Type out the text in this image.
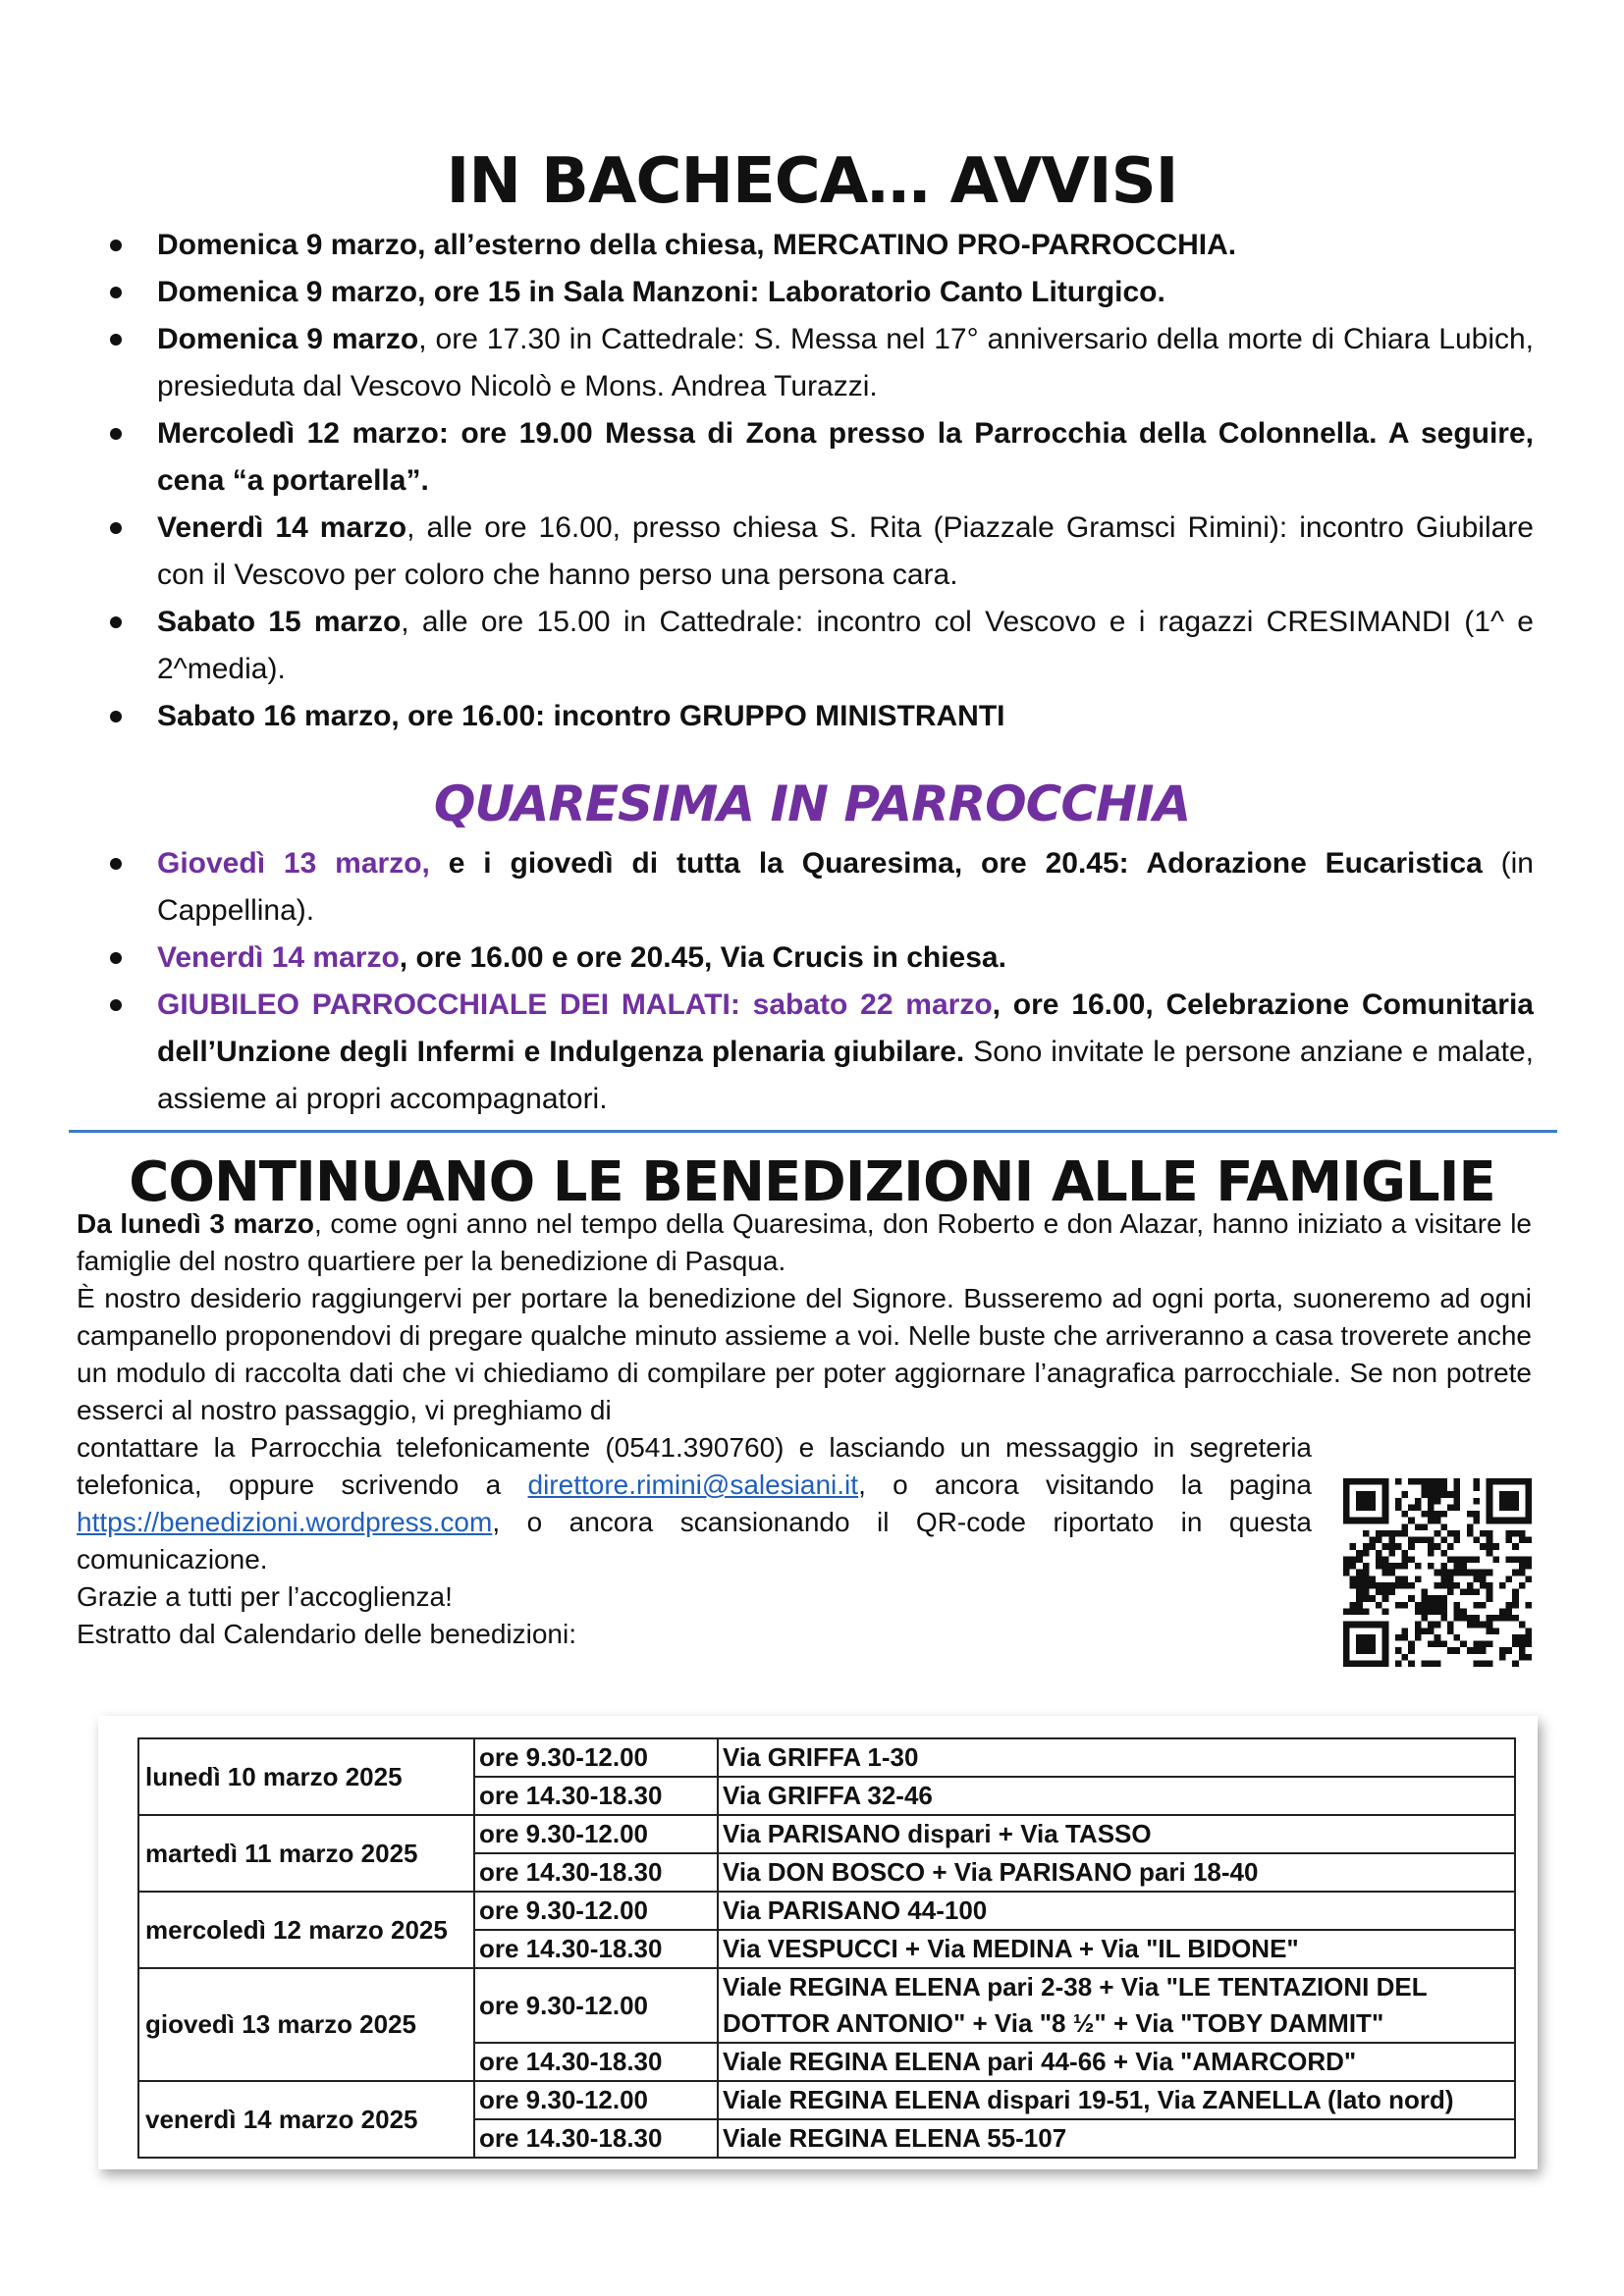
IN BACHECA… AVVISI
Domenica 9 marzo, all’esterno della chiesa, MERCATINO PRO-PARROCCHIA.
Domenica 9 marzo, ore 15 in Sala Manzoni: Laboratorio Canto Liturgico.
Domenica 9 marzo, ore 17.30 in Cattedrale: S. Messa nel 17° anniversario della morte di Chiara Lubich, presieduta dal Vescovo Nicolò e Mons. Andrea Turazzi.
Mercoledì 12 marzo: ore 19.00 Messa di Zona presso la Parrocchia della Colonnella. A seguire, cena “a portarella”.
Venerdì 14 marzo, alle ore 16.00, presso chiesa S. Rita (Piazzale Gramsci Rimini): incontro Giubilare con il Vescovo per coloro che hanno perso una persona cara.
Sabato 15 marzo, alle ore 15.00 in Cattedrale: incontro col Vescovo e i ragazzi CRESIMANDI (1^ e 2^media).
Sabato 16 marzo, ore 16.00: incontro GRUPPO MINISTRANTI
QUARESIMA IN PARROCCHIA
Giovedì 13 marzo, e i giovedì di tutta la Quaresima, ore 20.45: Adorazione Eucaristica (in Cappellina).
Venerdì 14 marzo, ore 16.00 e ore 20.45, Via Crucis in chiesa.
GIUBILEO PARROCCHIALE DEI MALATI: sabato 22 marzo, ore 16.00, Celebrazione Comunitaria dell’Unzione degli Infermi e Indulgenza plenaria giubilare. Sono invitate le persone anziane e malate, assieme ai propri accompagnatori.
CONTINUANO LE BENEDIZIONI ALLE FAMIGLIE

Da lunedì 3 marzo, come ogni anno nel tempo della Quaresima, don Roberto e don Alazar, hanno iniziato a visitare le famiglie del nostro quartiere per la benedizione di Pasqua.

È nostro desiderio raggiungervi per portare la benedizione del Signore. Busseremo ad ogni porta, suoneremo ad ogni campanello proponendovi di pregare qualche minuto assieme a voi. Nelle buste che arriveranno a casa troverete anche un modulo di raccolta dati che vi chiediamo di compilare per poter aggiornare l’anagrafica parrocchiale. Se non potrete esserci al nostro passaggio, vi preghiamo di

contattare la Parrocchia telefonicamente (0541.390760) e lasciando un messaggio in segreteria telefonica, oppure scrivendo a direttore.rimini@salesiani.it, o ancora visitando la pagina https://benedizioni.wordpress.com, o ancora scansionando il QR-code riportato in questa comunicazione.

Grazie a tutti per l’accoglienza!

Estratto dal Calendario delle benedizioni:

lunedì 10 marzo 2025	ore 9.30-12.00	Via GRIFFA 1-30
	ore 14.30-18.30	Via GRIFFA 32-46
martedì 11 marzo 2025	ore 9.30-12.00	Via PARISANO dispari + Via TASSO
	ore 14.30-18.30	Via DON BOSCO + Via PARISANO pari 18-40
mercoledì 12 marzo 2025	ore 9.30-12.00	Via PARISANO 44-100
	ore 14.30-18.30	Via VESPUCCI + Via MEDINA + Via "IL BIDONE"
giovedì 13 marzo 2025	ore 9.30-12.00	Viale REGINA ELENA pari 2-38 + Via "LE TENTAZIONI DEL DOTTOR ANTONIO" + Via "8 ½" + Via "TOBY DAMMIT"
	ore 14.30-18.30	Viale REGINA ELENA pari 44-66 + Via "AMARCORD"
venerdì 14 marzo 2025	ore 9.30-12.00	Viale REGINA ELENA dispari 19-51, Via ZANELLA (lato nord)
	ore 14.30-18.30	Viale REGINA ELENA 55-107
